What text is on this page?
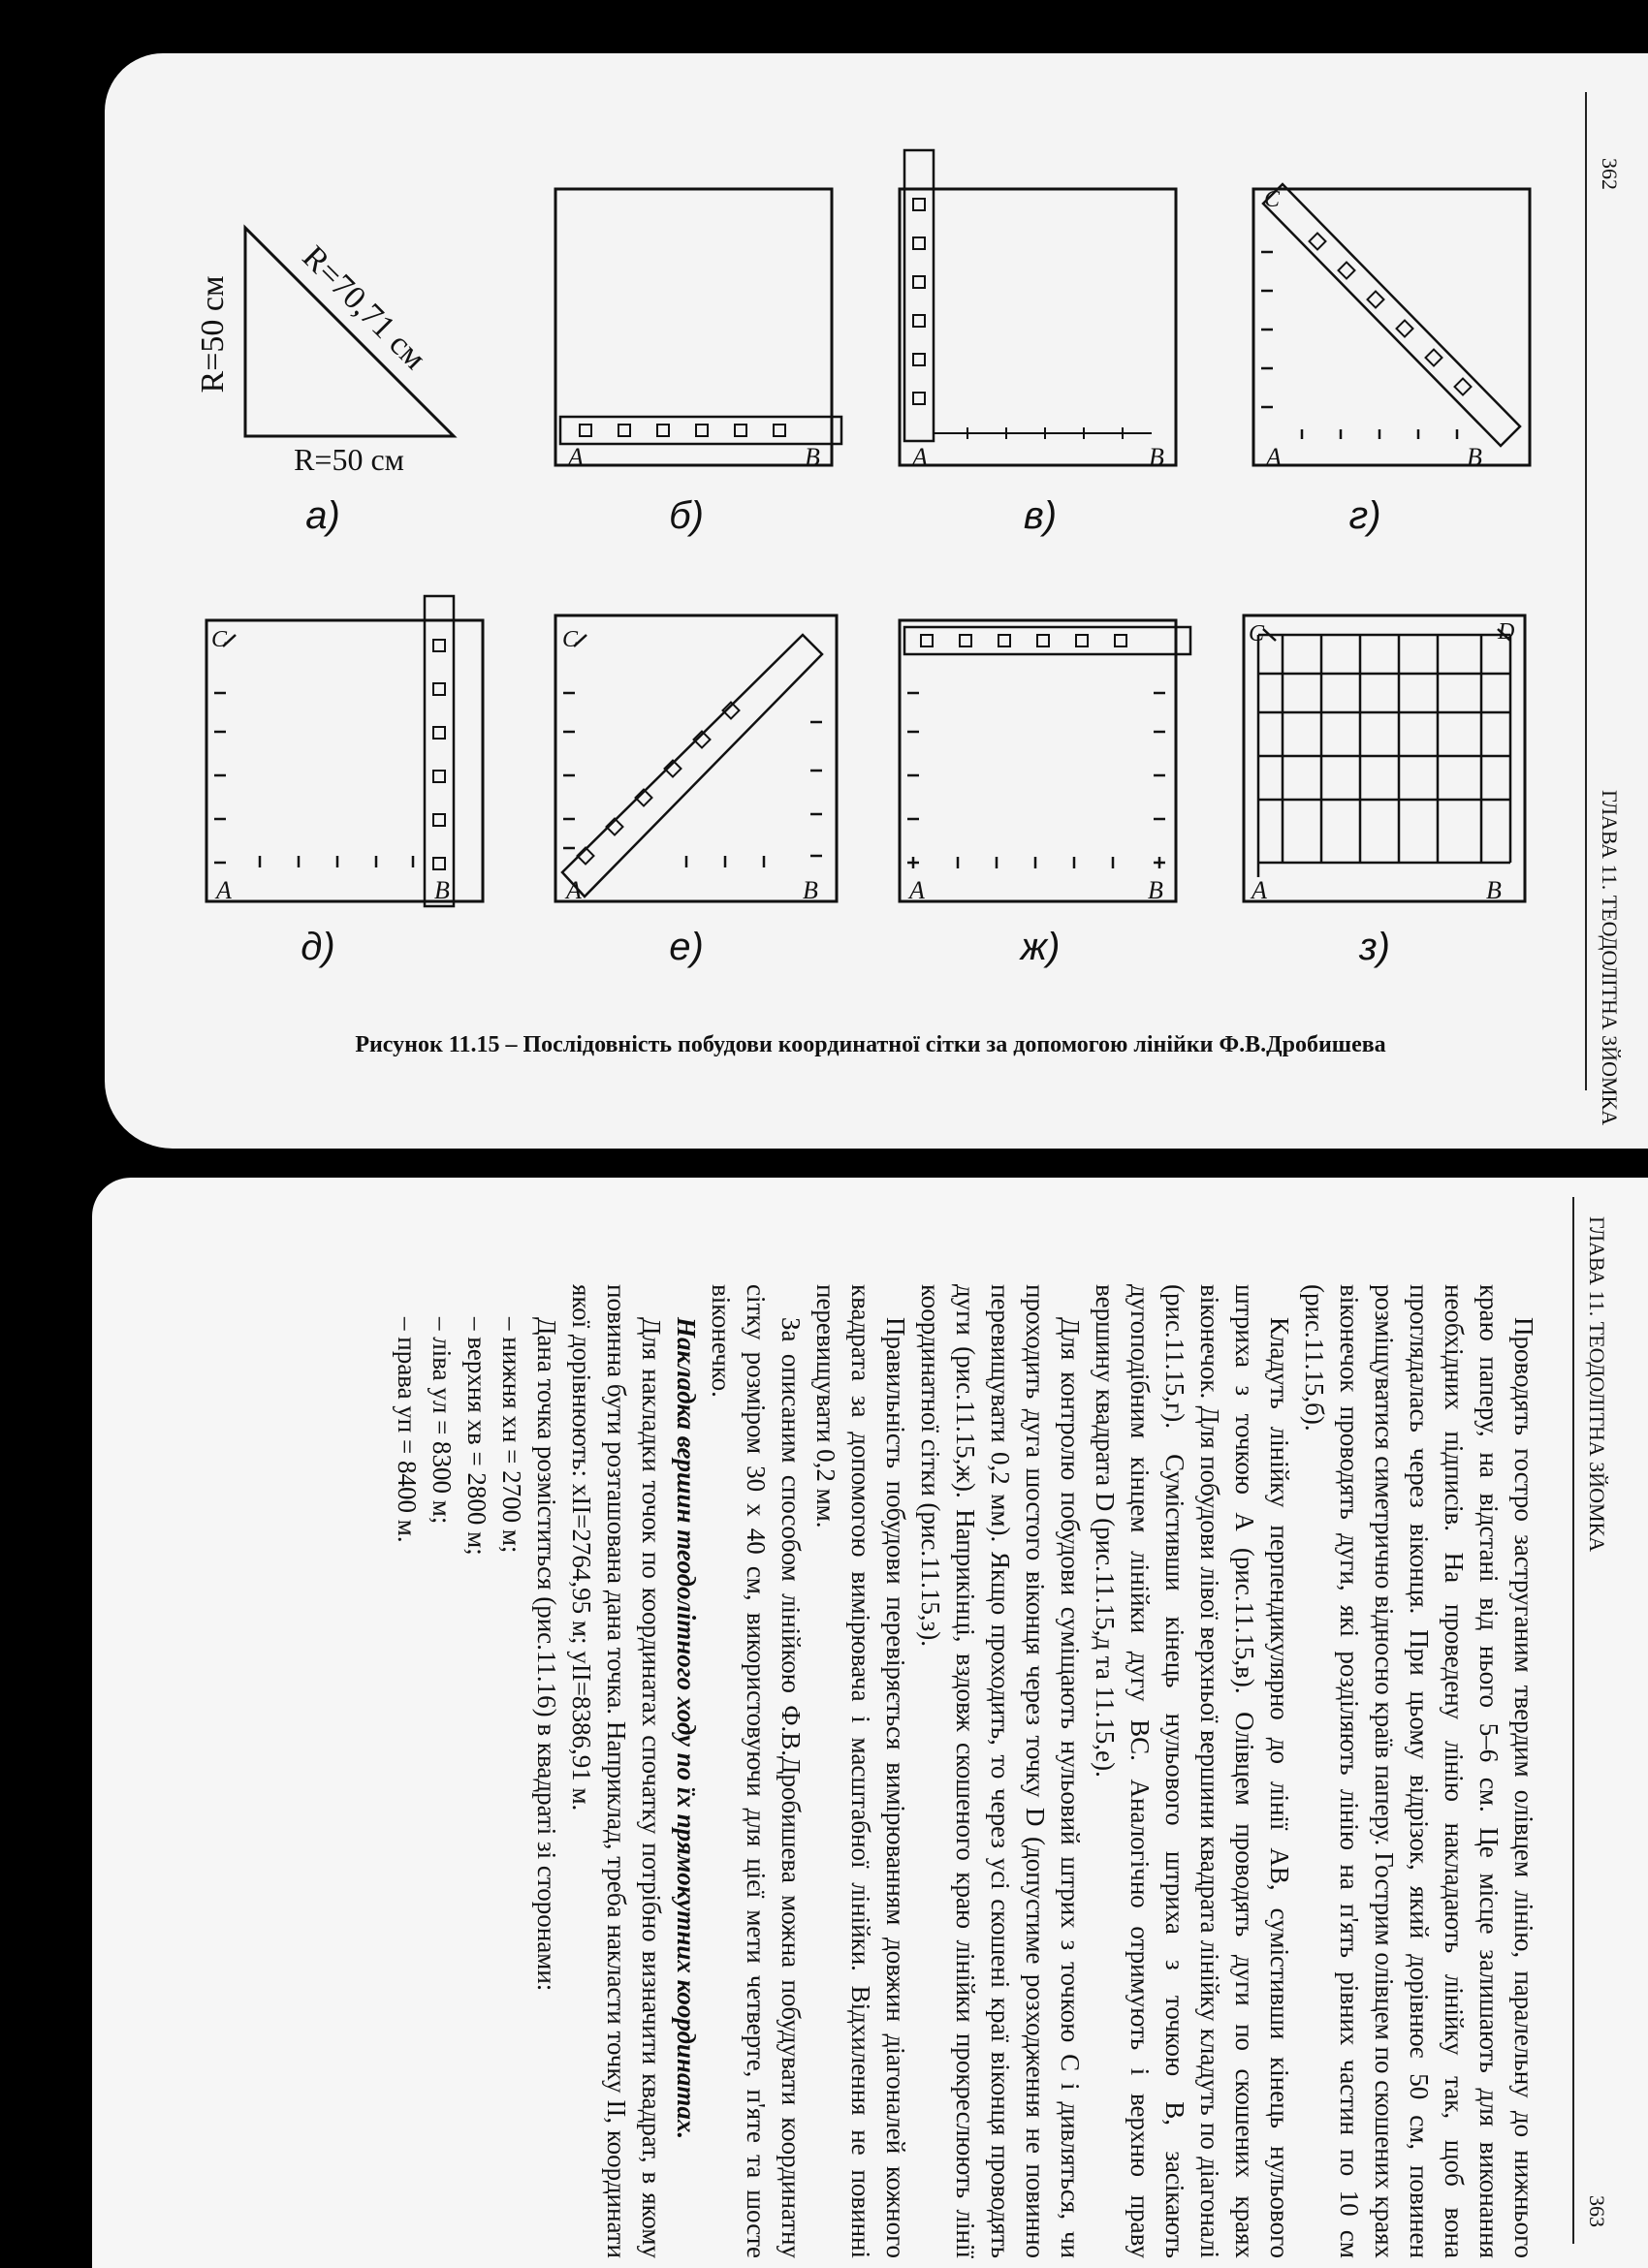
R=50 см R=70,71 см
R=50 см
а)
A	B
б)
A	B
в)
C
A	B
г)
C
A	B
д)
C
A	B
е)
A	B
ж)
C	D
A	B
з)
Рисунок 11.15 – Послідовність побудови координатної сітки за допомогою лінійки Ф.В.Дробишева	ГЛАВА 11. ТЕОДОЛІТНА ЗЙОМКА
362
ГЛАВА 11. ТЕОДОЛІТНА ЗЙОМКА
363

Проводять гостро заструганим твердим олівцем лінію, паралельну до нижнього краю паперу, на відстані від нього 5–6 см. Це місце залишають для виконання необхідних підписів. На проведену лінію накладають лінійку так, щоб вона проглядалась через віконця. При цьому відрізок, який дорівнює 50 см, повинен розміщуватися симетрично відносно країв паперу. Гострим олівцем по скошених краях віконечок проводять дуги, які розділяють лінію на п'ять рівних частин по 10 см (рис.11.15,б).

Кладуть лінійку перпендикулярно до лінії AB, сумістивши кінець нульового штриха з точкою A (рис.11.15,в). Олівцем проводять дуги по скошених краях віконечок. Для побудови лівої верхньої вершини квадрата лінійку кладуть по діагоналі (рис.11.15,г). Сумістивши кінець нульового штриха з точкою B, засікають дугоподібним кінцем лінійки дугу BC. Аналогічно отримують і верхню праву вершину квадрата D (рис.11.15,д та 11.15,е).

Для контролю побудови суміщають нульовий штрих з точкою C і дивляться, чи проходить дуга шостого віконця через точку D (допустиме розходження не повинно перевищувати 0,2 мм). Якщо проходить, то через усі скошені краї віконця проводять дуги (рис.11.15,ж). Наприкінці, вздовж скошеного краю лінійки прокреслюють лінії координатної сітки (рис.11.15,з).

Правильність побудови перевіряється вимірюванням довжин діагоналей кожного квадрата за допомогою вимірювача і масштабної лінійки. Відхилення не повинні перевищувати 0,2 мм.

За описаним способом лінійкою Ф.В.Дробишева можна побудувати координатну сітку розміром 30 х 40 см, використовуючи для цієї мети четверте, п'яте та шосте віконечко.

Накладка вершин теодолітного ходу по їх прямокутних координатах.

Для накладки точок по координатах спочатку потрібно визначити квадрат, в якому повинна бути розташована дана точка. Наприклад, треба накласти точку II, координати якої дорівнюють: xII=2764,95 м; yII=8386,91 м.

Дана точка розміститься (рис.11.16) в квадраті зі сторонами:

– нижня xн = 2700 м;
– верхня xв = 2800 м;
– ліва yл = 8300 м;
– права yп = 8400 м.
